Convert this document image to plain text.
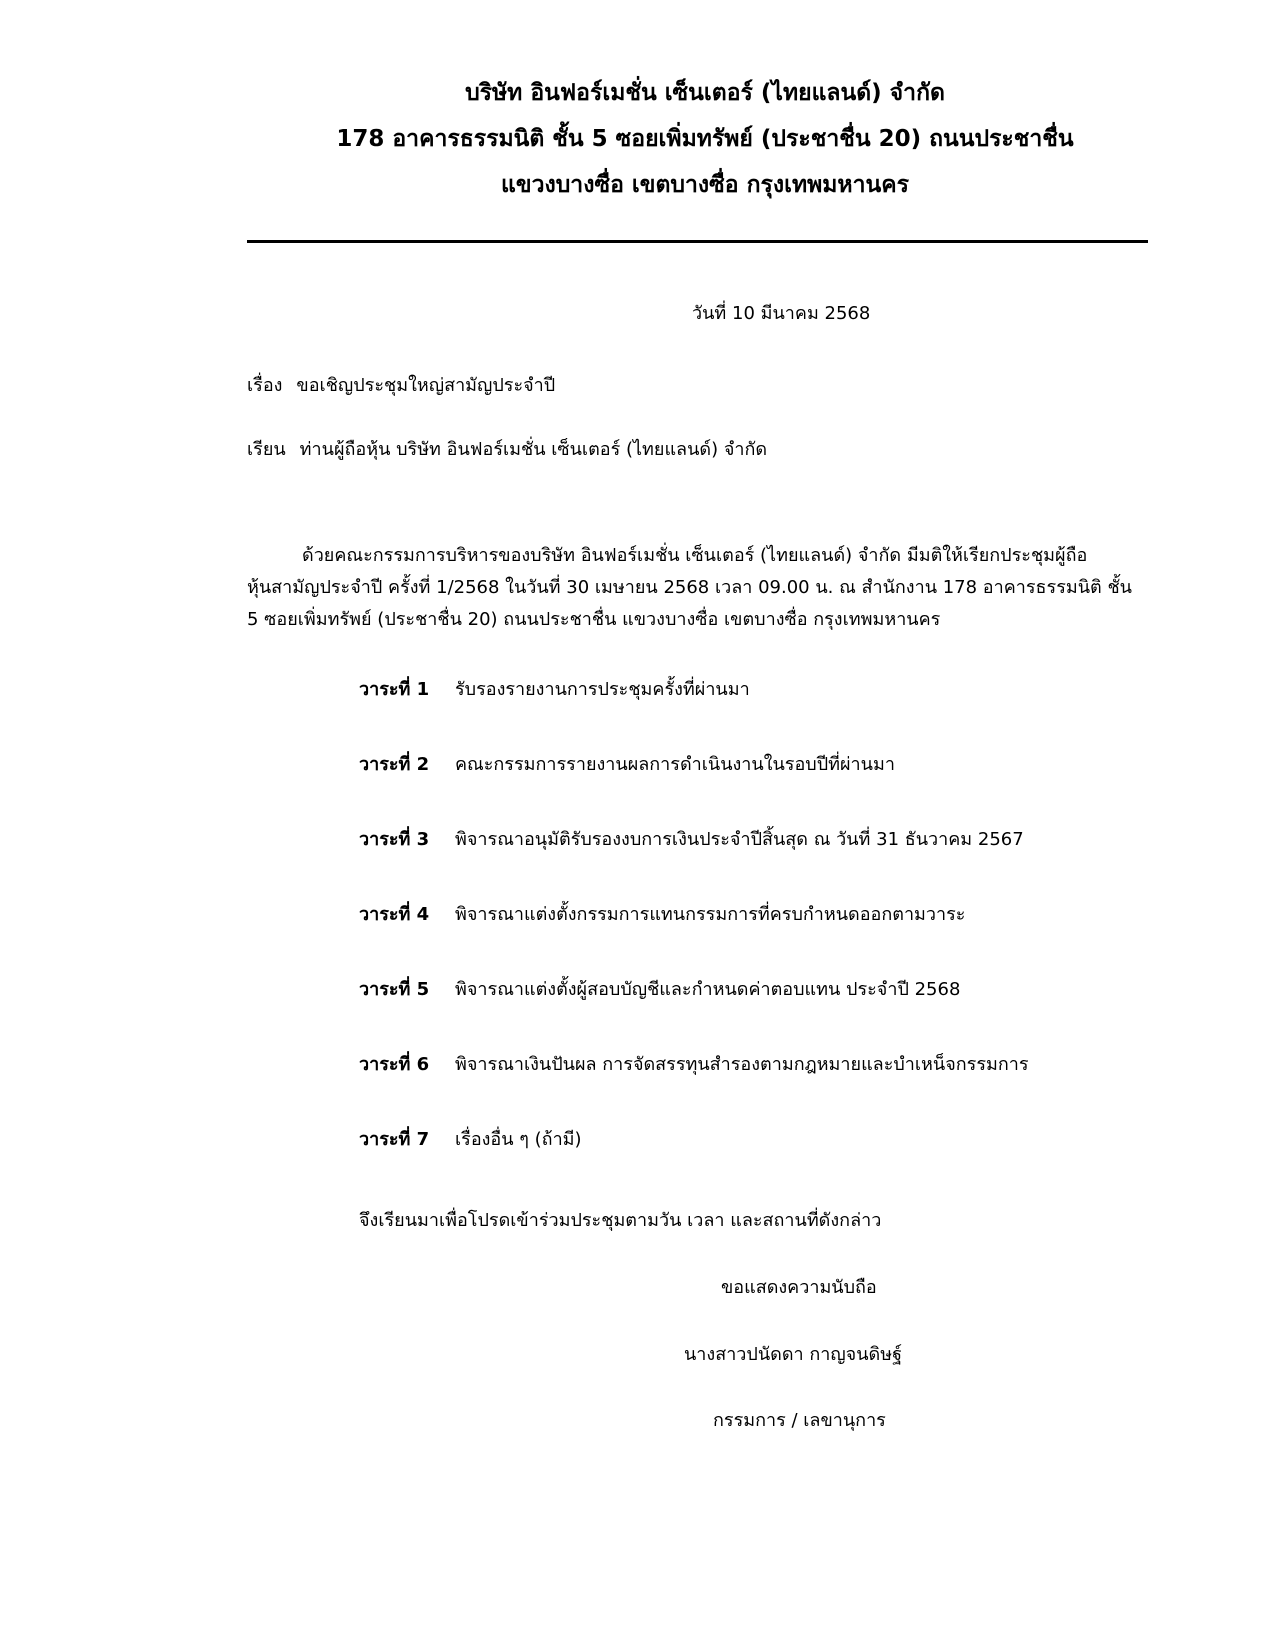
บริษัท อินฟอร์เมชั่น เซ็นเตอร์ (ไทยแลนด์) จำกัด
178 อาคารธรรมนิติ ชั้น 5 ซอยเพิ่มทรัพย์ (ประชาชื่น 20) ถนนประชาชื่น
แขวงบางซื่อ เขตบางซื่อ กรุงเทพมหานคร
วันที่ 10 มีนาคม 2568
เรื่อง ขอเชิญประชุมใหญ่สามัญประจำปี
เรียน ท่านผู้ถือหุ้น บริษัท อินฟอร์เมชั่น เซ็นเตอร์ (ไทยแลนด์) จำกัด
ด้วยคณะกรรมการบริหารของบริษัท อินฟอร์เมชั่น เซ็นเตอร์ (ไทยแลนด์) จำกัด มีมติให้เรียกประชุมผู้ถือ
หุ้นสามัญประจำปี ครั้งที่ 1/2568 ในวันที่ 30 เมษายน 2568 เวลา 09.00 น. ณ สำนักงาน 178 อาคารธรรมนิติ ชั้น
5 ซอยเพิ่มทรัพย์ (ประชาชื่น 20) ถนนประชาชื่น แขวงบางซื่อ เขตบางซื่อ กรุงเทพมหานคร
วาระที่ 1 รับรองรายงานการประชุมครั้งที่ผ่านมา
วาระที่ 2 คณะกรรมการรายงานผลการดำเนินงานในรอบปีที่ผ่านมา
วาระที่ 3 พิจารณาอนุมัติรับรองงบการเงินประจำปีสิ้นสุด ณ วันที่ 31 ธันวาคม 2567
วาระที่ 4 พิจารณาแต่งตั้งกรรมการแทนกรรมการที่ครบกำหนดออกตามวาระ
วาระที่ 5 พิจารณาแต่งตั้งผู้สอบบัญชีและกำหนดค่าตอบแทน ประจำปี 2568
วาระที่ 6 พิจารณาเงินปันผล การจัดสรรทุนสำรองตามกฎหมายและบำเหน็จกรรมการ
วาระที่ 7 เรื่องอื่น ๆ (ถ้ามี)
จึงเรียนมาเพื่อโปรดเข้าร่วมประชุมตามวัน เวลา และสถานที่ดังกล่าว
ขอแสดงความนับถือ
นางสาวปนัดดา กาญจนดิษฐ์
กรรมการ / เลขานุการ
